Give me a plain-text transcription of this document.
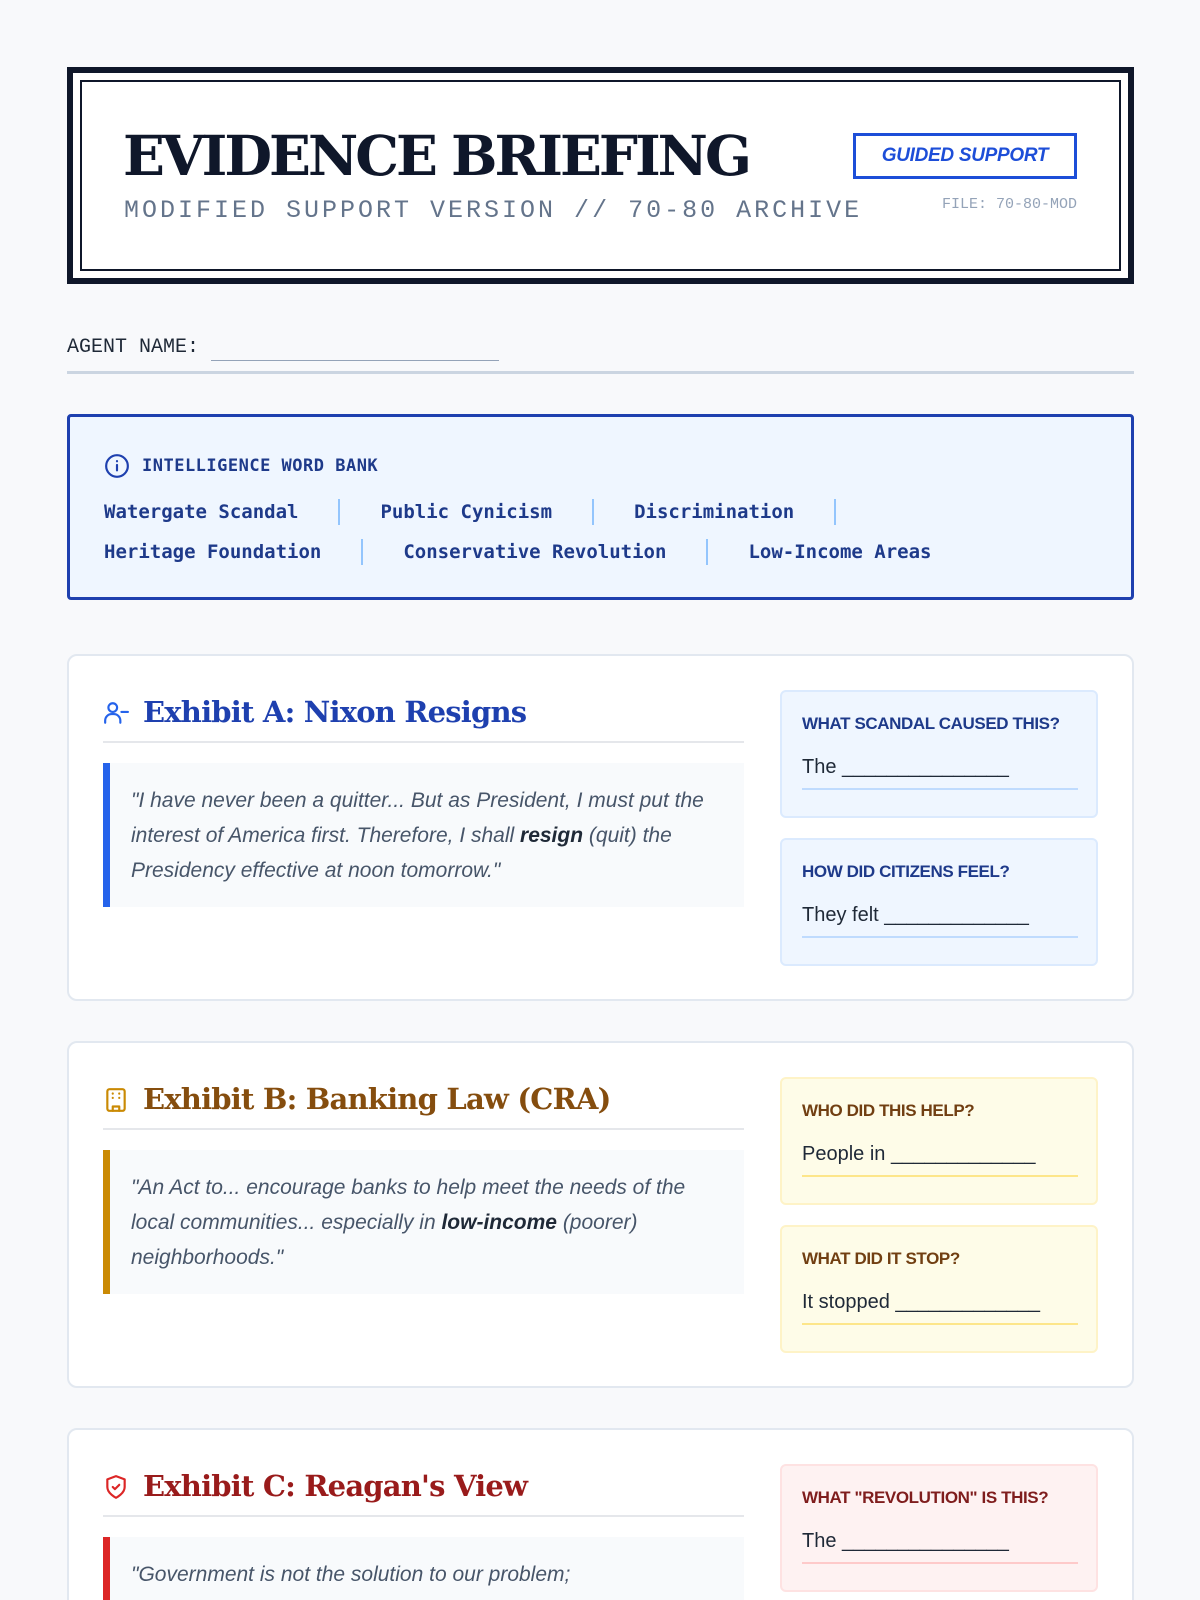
EVIDENCE BRIEFING
MODIFIED SUPPORT VERSION // 70-80 ARCHIVE
GUIDED SUPPORT
FILE: 70-80-MOD
AGENT NAME:
INTELLIGENCE WORD BANK
Watergate Scandal	Public Cynicism	Discrimination
Heritage Foundation	Conservative Revolution	Low-Income Areas
Exhibit A: Nixon Resigns
"I have never been a quitter... But as President, I must put the interest of America first. Therefore, I shall resign (quit) the Presidency effective at noon tomorrow."
WHAT SCANDAL CAUSED THIS?
The _______________
HOW DID CITIZENS FEEL?
They felt _____________
Exhibit B: Banking Law (CRA)
"An Act to... encourage banks to help meet the needs of the local communities... especially in low-income (poorer) neighborhoods."
WHO DID THIS HELP?
People in _____________
WHAT DID IT STOP?
It stopped _____________
Exhibit C: Reagan's View
"Government is not the solution to our problem;
WHAT "REVOLUTION" IS THIS?
The _______________
